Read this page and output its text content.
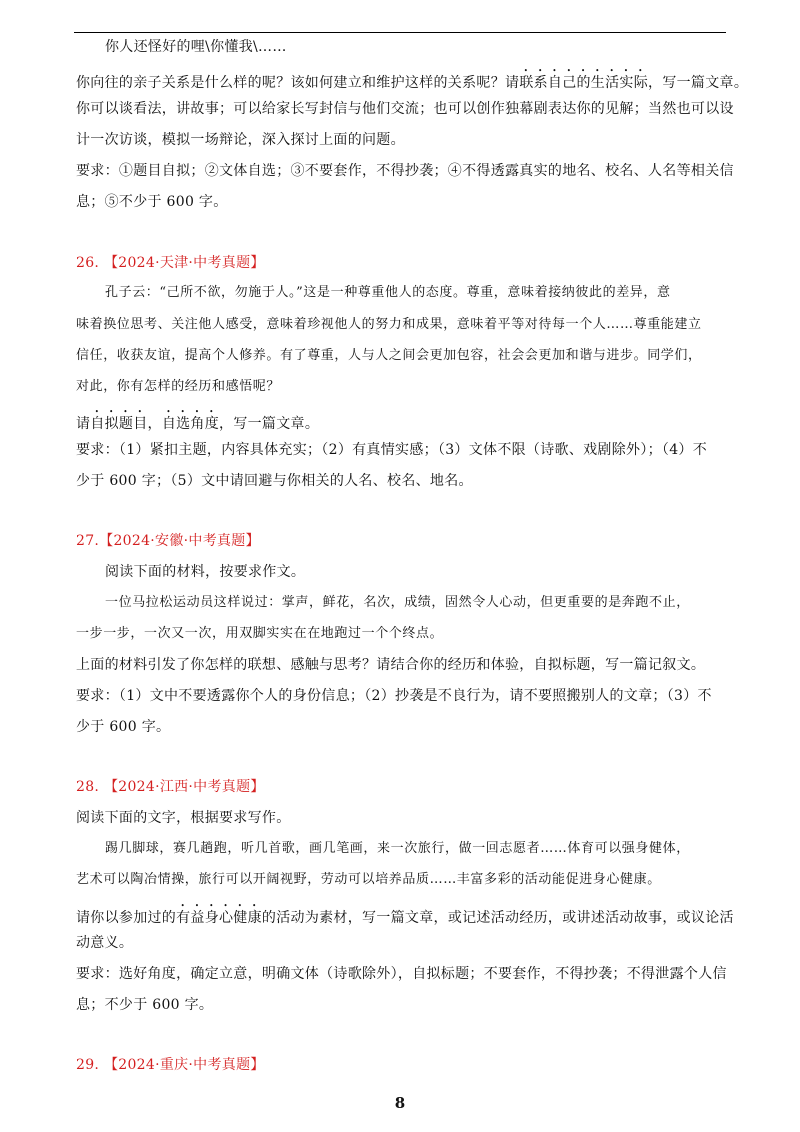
你人还怪好的哩\你懂我\……
你向往的亲子关系是什么样的呢？该如何建立和维护这样的关系呢？请联系自己的生活实际，写一篇文章。
你可以谈看法，讲故事；可以给家长写封信与他们交流；也可以创作独幕剧表达你的见解；当然也可以设
计一次访谈，模拟一场辩论，深入探讨上面的问题。
要求：①题目自拟；②文体自选；③不要套作，不得抄袭；④不得透露真实的地名、校名、人名等相关信
息；⑤不少于 600 字。
26. 【2024·天津·中考真题】
孔子云：“己所不欲，勿施于人。”这是一种尊重他人的态度。尊重，意味着接纳彼此的差异，意
味着换位思考、关注他人感受，意味着珍视他人的努力和成果，意味着平等对待每一个人……尊重能建立
信任，收获友谊，提高个人修养。有了尊重，人与人之间会更加包容，社会会更加和谐与进步。同学们，
对此，你有怎样的经历和感悟呢？
请自拟题目，自选角度，写一篇文章。
要求：（1）紧扣主题，内容具体充实；（2）有真情实感；（3）文体不限（诗歌、戏剧除外）；（4）不
少于 600 字；（5）文中请回避与你相关的人名、校名、地名。
27.【2024·安徽·中考真题】
阅读下面的材料，按要求作文。
一位马拉松运动员这样说过：掌声，鲜花，名次，成绩，固然令人心动，但更重要的是奔跑不止，
一步一步，一次又一次，用双脚实实在在地跑过一个个终点。
上面的材料引发了你怎样的联想、感触与思考？请结合你的经历和体验，自拟标题，写一篇记叙文。
要求：（1）文中不要透露你个人的身份信息；（2）抄袭是不良行为，请不要照搬别人的文章；（3）不
少于 600 字。
28. 【2024·江西·中考真题】
阅读下面的文字，根据要求写作。
踢几脚球，赛几趟跑，听几首歌，画几笔画，来一次旅行，做一回志愿者……体育可以强身健体，
艺术可以陶冶情操，旅行可以开阔视野，劳动可以培养品质……丰富多彩的活动能促进身心健康。
请你以参加过的有益身心健康的活动为素材，写一篇文章，或记述活动经历，或讲述活动故事，或议论活
动意义。
要求：选好角度，确定立意，明确文体（诗歌除外），自拟标题；不要套作，不得抄袭；不得泄露个人信
息；不少于 600 字。
29. 【2024·重庆·中考真题】
8
